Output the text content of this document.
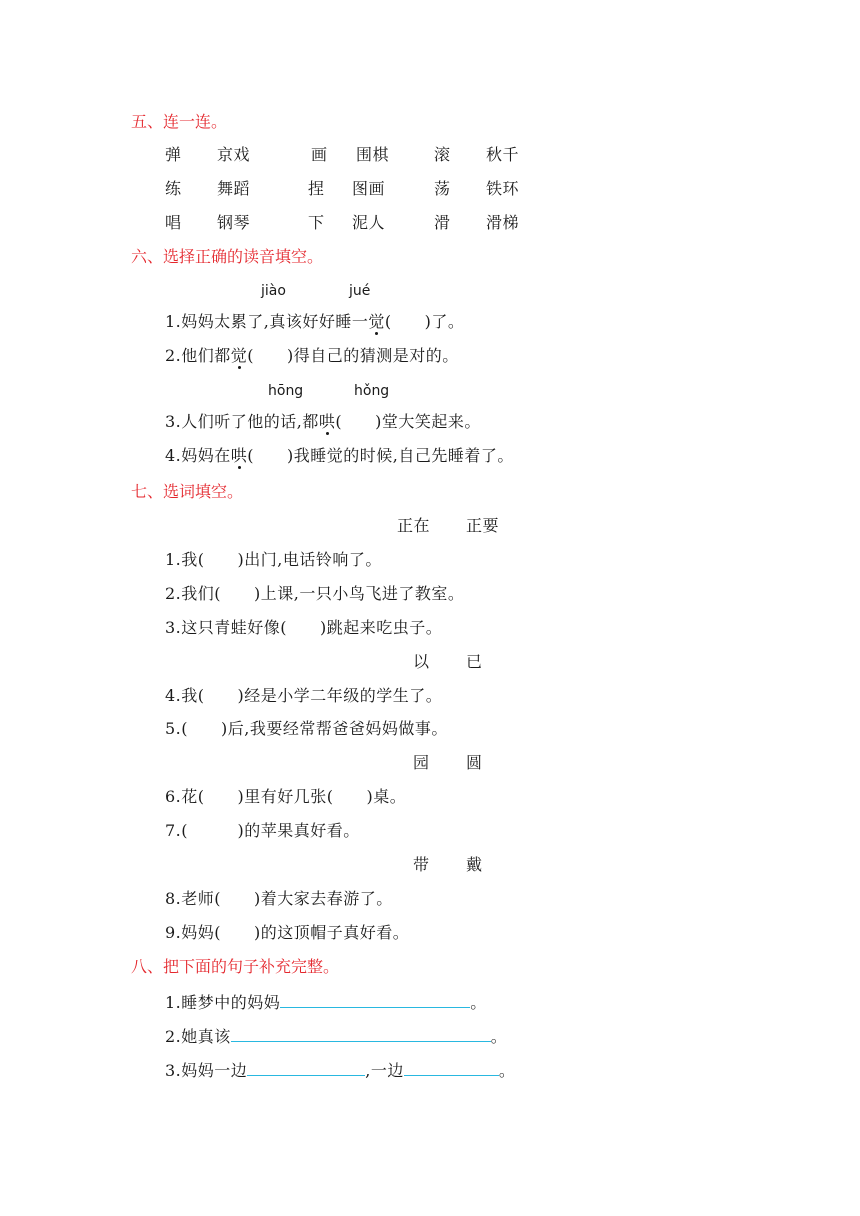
五、连一连。
弹 京戏	画 围棋	滚 秋千
练 舞蹈	捏 图画	荡 铁环
唱 钢琴	下 泥人	滑 滑梯
六、选择正确的读音填空。
jiào	jué
1.妈妈太累了,真该好好睡一觉(　　)了。
2.他们都觉(　　)得自己的猜测是对的。
hōng	hǒng
3.人们听了他的话,都哄(　　)堂大笑起来。
4.妈妈在哄(　　)我睡觉的时候,自己先睡着了。
七、选词填空。
正在 正要
1.我(　　)出门,电话铃响了。
2.我们(　　)上课,一只小鸟飞进了教室。
3.这只青蛙好像(　　)跳起来吃虫子。
以 已
4.我(　　)经是小学二年级的学生了。
5.(　　)后,我要经常帮爸爸妈妈做事。
园 圆
6.花(　　)里有好几张(　　)桌。
7.(　　　)的苹果真好看。
带 戴
8.老师(　　)着大家去春游了。
9.妈妈(　　)的这顶帽子真好看。
八、把下面的句子补充完整。
1.睡梦中的妈妈	。
2.她真该	。
3.妈妈一边	,一边	。
